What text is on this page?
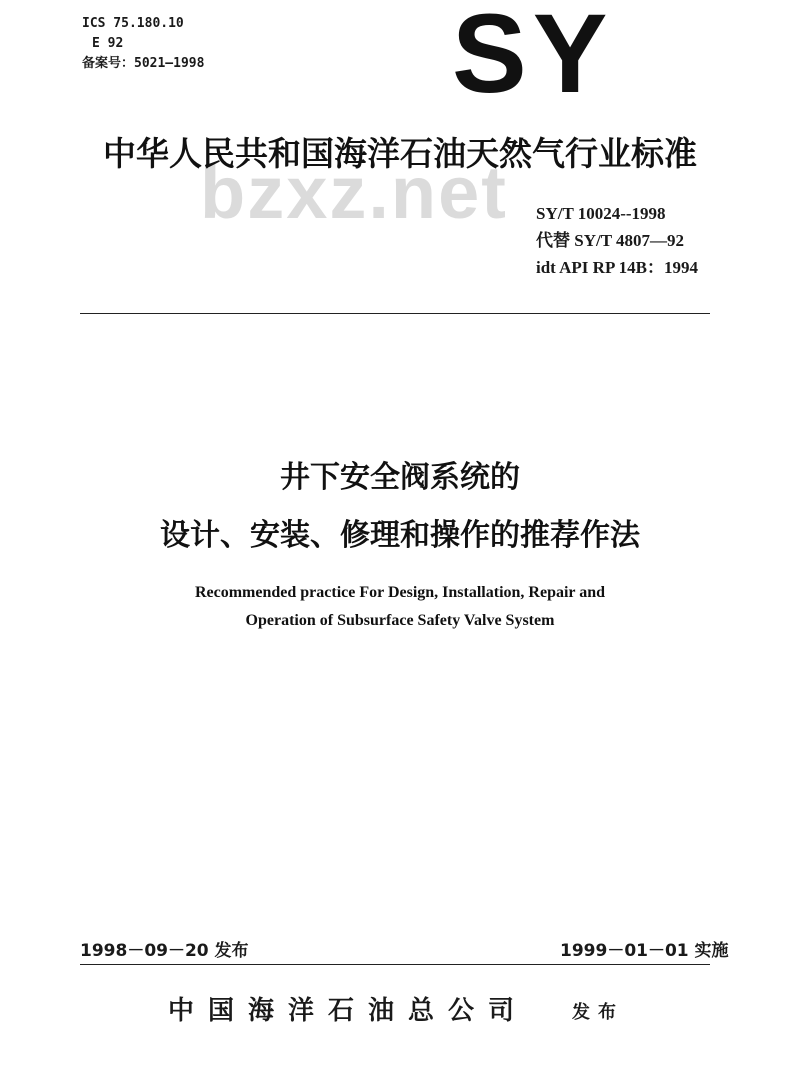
ICS 75.180.10
E 92
备案号：5021—1998 SY
bzxz.net
中华人民共和国海洋石油天然气行业标准
SY/T 10024--1998
代替 SY/T 4807—92
idt API RP 14B：1994
井下安全阀系统的
设计、安装、修理和操作的推荐作法
Recommended practice For Design, Installation, Repair and
Operation of Subsurface Safety Valve System
1998－09－20 发布	1999－01－01 实施
中国海洋石油总公司 发布
